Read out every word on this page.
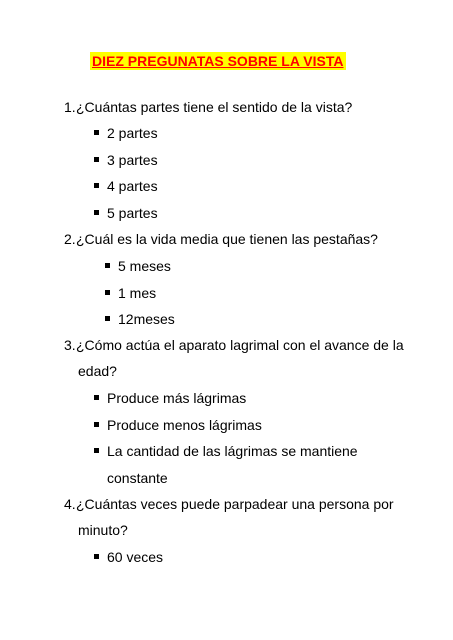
DIEZ PREGUNATAS SOBRE LA VISTA
1.¿Cuántas partes tiene el sentido de la vista?
2 partes
3 partes
4 partes
5 partes
2.¿Cuál es la vida media que tienen las pestañas?
5 meses
1 mes
12meses
3.¿Cómo actúa el aparato lagrimal con el avance de la
edad?
Produce más lágrimas
Produce menos lágrimas
La cantidad de las lágrimas se mantiene
constante
4.¿Cuántas veces puede parpadear una persona por
minuto?
60 veces
